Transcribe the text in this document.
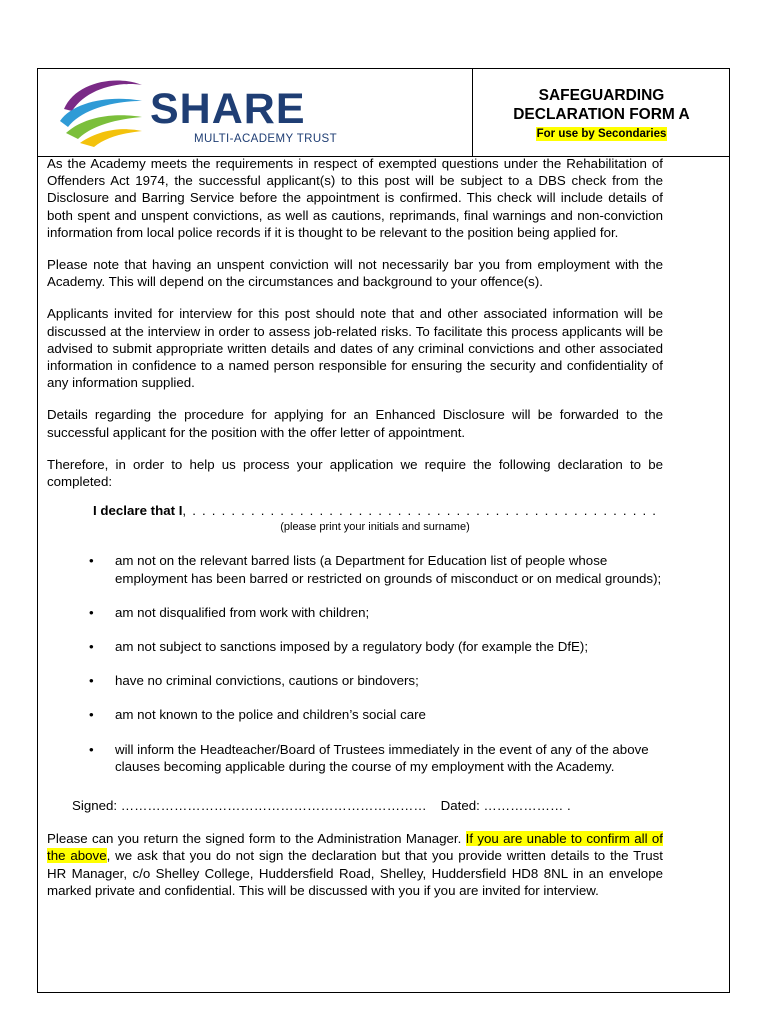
SHARE
MULTI-ACADEMY TRUST
SAFEGUARDING
DECLARATION FORM A
For use by Secondaries

As the Academy meets the requirements in respect of exempted questions under the Rehabilitation of Offenders Act 1974, the successful applicant(s) to this post will be subject to a DBS check from the Disclosure and Barring Service before the appointment is confirmed. This check will include details of both spent and unspent convictions, as well as cautions, reprimands, final warnings and non-conviction information from local police records if it is thought to be relevant to the position being applied for.

Please note that having an unspent conviction will not necessarily bar you from employment with the Academy. This will depend on the circumstances and background to your offence(s).

Applicants invited for interview for this post should note that and other associated information will be discussed at the interview in order to assess job-related risks. To facilitate this process applicants will be advised to submit appropriate written details and dates of any criminal convictions and other associated information in confidence to a named person responsible for ensuring the security and confidentiality of any information supplied.

Details regarding the procedure for applying for an Enhanced Disclosure will be forwarded to the successful applicant for the position with the offer letter of appointment.

Therefore, in order to help us process your application we require the following declaration to be completed:

I declare that I, . . . . . . . . . . . . . . . . . . . . . . . . . . . . . . . . . . . . . . . . . . . . . . . .
(please print your initials and surname)
• am not on the relevant barred lists (a Department for Education list of people whose employment has been barred or restricted on grounds of misconduct or on medical grounds);
• am not disqualified from work with children;
• am not subject to sanctions imposed by a regulatory body (for example the DfE);
• have no criminal convictions, cautions or bindovers;
• am not known to the police and children’s social care
• will inform the Headteacher/Board of Trustees immediately in the event of any of the above clauses becoming applicable during the course of my employment with the Academy.
Signed: …………………………………………………………… Dated: ……………… .

Please can you return the signed form to the Administration Manager. If you are unable to confirm all of the above, we ask that you do not sign the declaration but that you provide written details to the Trust HR Manager, c/o Shelley College, Huddersfield Road, Shelley, Huddersfield HD8 8NL in an envelope marked private and confidential. This will be discussed with you if you are invited for interview.
